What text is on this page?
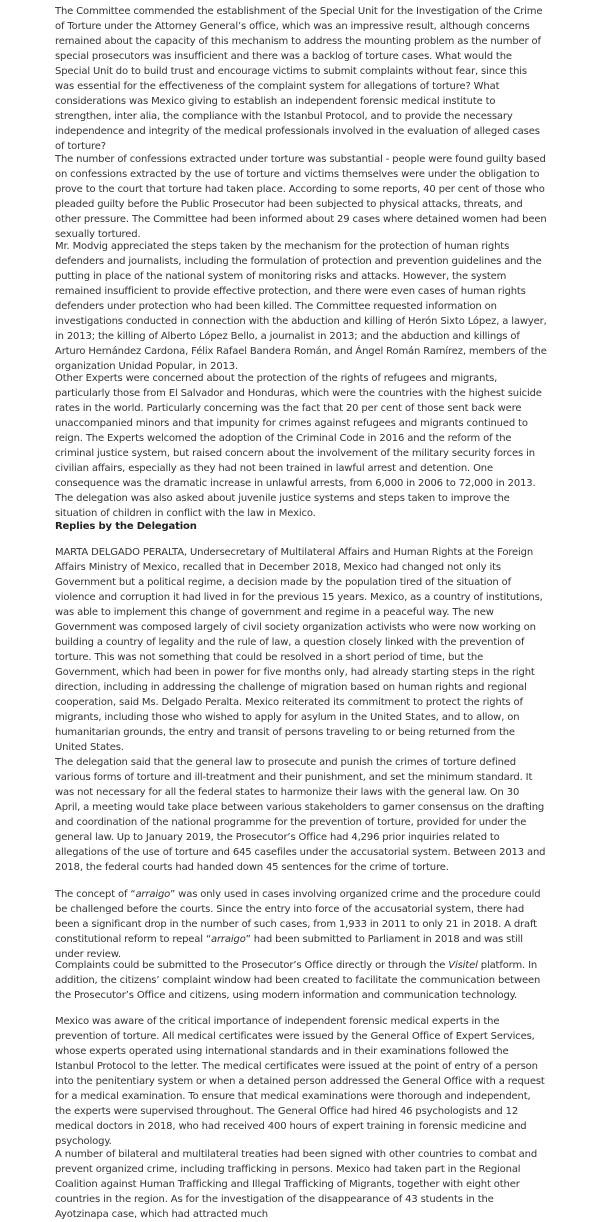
The Committee commended the establishment of the Special Unit for the Investigation of the Crime of Torture under the Attorney General’s office, which was an impressive result, although concerns remained about the capacity of this mechanism to address the mounting problem as the number of special prosecutors was insufficient and there was a backlog of torture cases. What would the Special Unit do to build trust and encourage victims to submit complaints without fear, since this was essential for the effectiveness of the complaint system for allegations of torture? What considerations was Mexico giving to establish an independent forensic medical institute to strengthen, inter alia, the compliance with the Istanbul Protocol, and to provide the necessary independence and integrity of the medical professionals involved in the evaluation of alleged cases of torture?

The number of confessions extracted under torture was substantial - people were found guilty based on confessions extracted by the use of torture and victims themselves were under the obligation to prove to the court that torture had taken place. According to some reports, 40 per cent of those who pleaded guilty before the Public Prosecutor had been subjected to physical attacks, threats, and other pressure. The Committee had been informed about 29 cases where detained women had been sexually tortured.

Mr. Modvig appreciated the steps taken by the mechanism for the protection of human rights defenders and journalists, including the formulation of protection and prevention guidelines and the putting in place of the national system of monitoring risks and attacks. However, the system remained insufficient to provide effective protection, and there were even cases of human rights defenders under protection who had been killed. The Committee requested information on investigations conducted in connection with the abduction and killing of Herón Sixto López, a lawyer, in 2013; the killing of Alberto López Bello, a journalist in 2013; and the abduction and killings of Arturo Hernández Cardona, Félix Rafael Bandera Román, and Ángel Román Ramírez, members of the organization Unidad Popular, in 2013.

Other Experts were concerned about the protection of the rights of refugees and migrants, particularly those from El Salvador and Honduras, which were the countries with the highest suicide rates in the world. Particularly concerning was the fact that 20 per cent of those sent back were unaccompanied minors and that impunity for crimes against refugees and migrants continued to reign. The Experts welcomed the adoption of the Criminal Code in 2016 and the reform of the criminal justice system, but raised concern about the involvement of the military security forces in civilian affairs, especially as they had not been trained in lawful arrest and detention. One consequence was the dramatic increase in unlawful arrests, from 6,000 in 2006 to 72,000 in 2013. The delegation was also asked about juvenile justice systems and steps taken to improve the situation of children in conflict with the law in Mexico.

Replies by the Delegation

MARTA DELGADO PERALTA, Undersecretary of Multilateral Affairs and Human Rights at the Foreign Affairs Ministry of Mexico, recalled that in December 2018, Mexico had changed not only its Government but a political regime, a decision made by the population tired of the situation of violence and corruption it had lived in for the previous 15 years. Mexico, as a country of institutions, was able to implement this change of government and regime in a peaceful way. The new Government was composed largely of civil society organization activists who were now working on building a country of legality and the rule of law, a question closely linked with the prevention of torture. This was not something that could be resolved in a short period of time, but the Government, which had been in power for five months only, had already starting steps in the right direction, including in addressing the challenge of migration based on human rights and regional cooperation, said Ms. Delgado Peralta. Mexico reiterated its commitment to protect the rights of migrants, including those who wished to apply for asylum in the United States, and to allow, on humanitarian grounds, the entry and transit of persons traveling to or being returned from the United States.

The delegation said that the general law to prosecute and punish the crimes of torture defined various forms of torture and ill-treatment and their punishment, and set the minimum standard. It was not necessary for all the federal states to harmonize their laws with the general law. On 30 April, a meeting would take place between various stakeholders to garner consensus on the drafting and coordination of the national programme for the prevention of torture, provided for under the general law. Up to January 2019, the Prosecutor’s Office had 4,296 prior inquiries related to allegations of the use of torture and 645 casefiles under the accusatorial system. Between 2013 and 2018, the federal courts had handed down 45 sentences for the crime of torture.

The concept of “arraigo” was only used in cases involving organized crime and the procedure could be challenged before the courts. Since the entry into force of the accusatorial system, there had been a significant drop in the number of such cases, from 1,933 in 2011 to only 21 in 2018. A draft constitutional reform to repeal “arraigo” had been submitted to Parliament in 2018 and was still under review.

Complaints could be submitted to the Prosecutor’s Office directly or through the Visitel platform. In addition, the citizens’ complaint window had been created to facilitate the communication between the Prosecutor’s Office and citizens, using modern information and communication technology.

Mexico was aware of the critical importance of independent forensic medical experts in the prevention of torture. All medical certificates were issued by the General Office of Expert Services, whose experts operated using international standards and in their examinations followed the Istanbul Protocol to the letter. The medical certificates were issued at the point of entry of a person into the penitentiary system or when a detained person addressed the General Office with a request for a medical examination. To ensure that medical examinations were thorough and independent, the experts were supervised throughout. The General Office had hired 46 psychologists and 12 medical doctors in 2018, who had received 400 hours of expert training in forensic medicine and psychology.

A number of bilateral and multilateral treaties had been signed with other countries to combat and prevent organized crime, including trafficking in persons. Mexico had taken part in the Regional Coalition against Human Trafficking and Illegal Trafficking of Migrants, together with eight other countries in the region. As for the investigation of the disappearance of 43 students in the Ayotzinapa case, which had attracted much
